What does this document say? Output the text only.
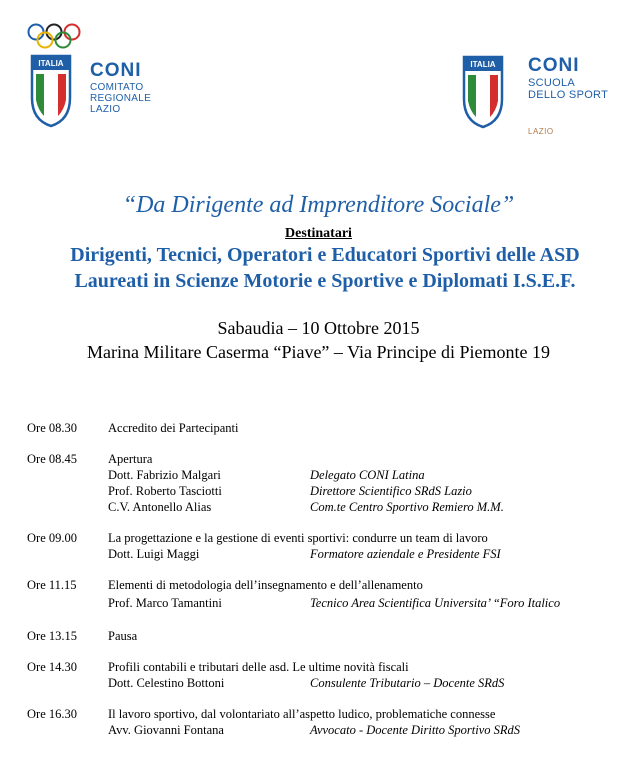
ITALIA CONI
COMITATO
REGIONALE
LAZIO
ITALIA CONI
SCUOLA
DELLO SPORT
LAZIO
“Da Dirigente ad Imprenditore Sociale”
Destinatari
Dirigenti, Tecnici, Operatori e Educatori Sportivi delle ASD
Laureati in Scienze Motorie e Sportive e Diplomati I.S.E.F.
Sabaudia – 10 Ottobre 2015
Marina Militare Caserma “Piave” – Via Principe di Piemonte 19
Ore 08.30 Accredito dei Partecipanti
Ore 08.45 Apertura
Dott. Fabrizio Malgari	Delegato CONI Latina
Prof. Roberto Tasciotti	Direttore Scientifico SRdS Lazio
C.V. Antonello Alias	Com.te Centro Sportivo Remiero M.M.
Ore 09.00 La progettazione e la gestione di eventi sportivi: condurre un team di lavoro
Dott. Luigi Maggi	Formatore aziendale e Presidente FSI
Ore 11.15	Elementi di metodologia dell’insegnamento e dell’allenamento
Prof. Marco Tamantini	Tecnico Area Scientifica Universita’ “Foro Italico
Ore 13.15 Pausa
Ore 14.30 Profili contabili e tributari delle asd. Le ultime novità fiscali
Dott. Celestino Bottoni	Consulente Tributario – Docente SRdS
Ore 16.30 Il lavoro sportivo, dal volontariato all’aspetto ludico, problematiche connesse
Avv. Giovanni Fontana	Avvocato - Docente Diritto Sportivo SRdS
